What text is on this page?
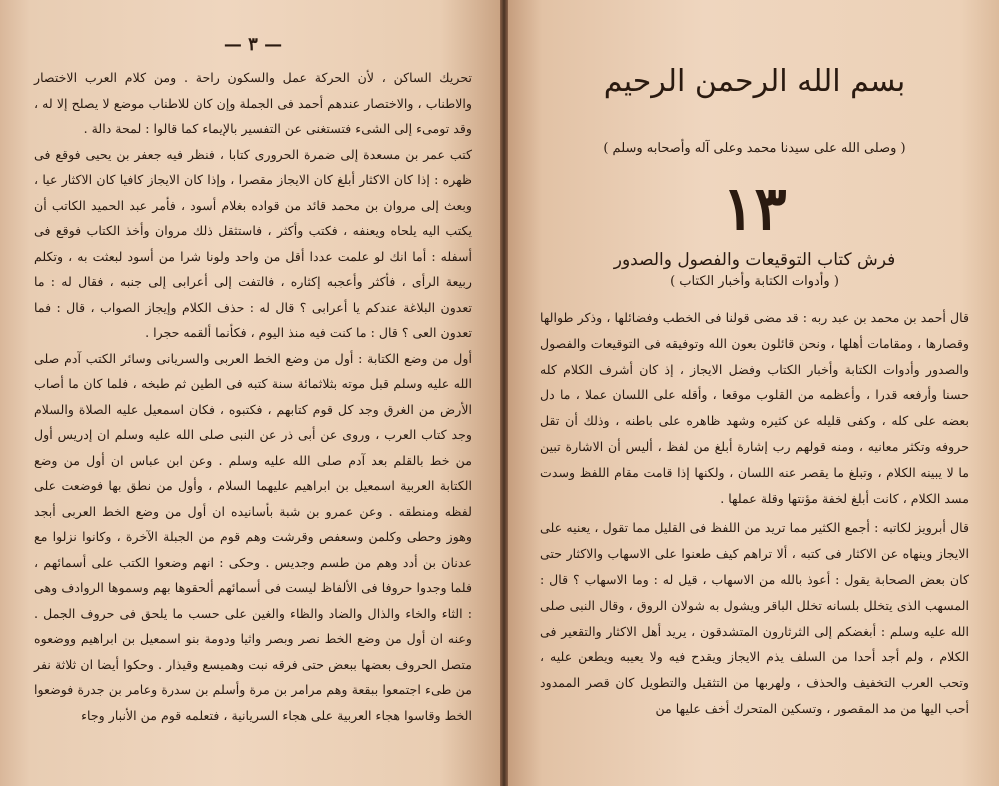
— ٣ —

تحريك الساكن ، لأن الحركة عمل والسكون راحة . ومن كلام العرب الاختصار والاطناب ، والاختصار عندهم أحمد فى الجملة وإن كان للاطناب موضع لا يصلح إلا له ، وقد تومىء إلى الشىء فتستغنى عن التفسير بالإيماء كما قالوا : لمحة دالة .

كتب عمر بن مسعدة إلى ضمرة الحرورى كتابا ، فنظر فيه جعفر بن يحيى فوقع فى ظهره : إذا كان الاكثار أبلغ كان الايجاز مقصرا ، وإذا كان الايجاز كافيا كان الاكثار عيا ، وبعث إلى مروان بن محمد قائد من قواده بغلام أسود ، فأمر عبد الحميد الكاتب أن يكتب اليه يلحاه ويعنفه ، فكتب وأكثر ، فاستثقل ذلك مروان وأخذ الكتاب فوقع فى أسفله : أما انك لو علمت عددا أقل من واحد ولونا شرا من أسود لبعثت به ، وتكلم ربيعة الرأى ، فأكثر وأعجبه إكثاره ، فالتفت إلى أعرابى إلى جنبه ، فقال له : ما تعدون البلاغة عندكم يا أعرابى ؟ قال له : حذف الكلام وإيجاز الصواب ، قال : فما تعدون العى ؟ قال : ما كنت فيه منذ اليوم ، فكأنما ألقمه حجرا .

أول من وضع الكتابة : أول من وضع الخط العربى والسريانى وسائر الكتب آدم صلى الله عليه وسلم قبل موته بثلاثمائة سنة كتبه فى الطين ثم طبخه ، فلما كان ما أصاب الأرض من الغرق وجد كل قوم كتابهم ، فكتبوه ، فكان اسمعيل عليه الصلاة والسلام وجد كتاب العرب ، وروى عن أبى ذر عن النبى صلى الله عليه وسلم ان إدريس أول من خط بالقلم بعد آدم صلى الله عليه وسلم . وعن ابن عباس ان أول من وضع الكتابة العربية اسمعيل بن ابراهيم عليهما السلام ، وأول من نطق بها فوضعت على لفظه ومنطقه . وعن عمرو بن شبة بأسانيده ان أول من وضع الخط العربى أبجد وهوز وحطى وكلمن وسعفص وقرشت وهم قوم من الجبلة الآخرة ، وكانوا نزلوا مع عدنان بن أدد وهم من طسم وجديس . وحكى : انهم وضعوا الكتب على أسمائهم ، فلما وجدوا حروفا فى الألفاظ ليست فى أسمائهم ألحقوها بهم وسموها الروادف وهى : الثاء والخاء والذال والضاد والظاء والغين على حسب ما يلحق فى حروف الجمل . وعنه ان أول من وضع الخط نصر وبصر واثيا ودومة بنو اسمعيل بن ابراهيم ووضعوه متصل الحروف بعضها ببعض حتى فرقه نبت وهميسع وقيذار . وحكوا أيضا ان ثلاثة نفر من طىء اجتمعوا ببقعة وهم مرامر بن مرة وأسلم بن سدرة وعامر بن جدرة فوضعوا الخط وقاسوا هجاء العربية على هجاء السريانية ، فتعلمه قوم من الأنبار وجاء

بسم الله الرحمن الرحيم
( وصلى الله على سيدنا محمد وعلى آله وأصحابه وسلم )
١٣
فرش كتاب التوقيعات والفصول والصدور
( وأدوات الكتابة وأخبار الكتاب )

قال أحمد بن محمد بن عبد ربه : قد مضى قولنا فى الخطب وفضائلها ، وذكر طوالها وقصارها ، ومقامات أهلها ، ونحن قائلون بعون الله وتوفيقه فى التوقيعات والفصول والصدور وأدوات الكتابة وأخبار الكتاب وفضل الايجاز ، إذ كان أشرف الكلام كله حسنا وأرفعه قدرا ، وأعظمه من القلوب موقعا ، وأقله على اللسان عملا ، ما دل بعضه على كله ، وكفى قليله عن كثيره وشهد ظاهره على باطنه ، وذلك أن تقل حروفه وتكثر معانيه ، ومنه قولهم رب إشارة أبلغ من لفظ ، أليس أن الاشارة تبين ما لا يبينه الكلام ، وتبلغ ما يقصر عنه اللسان ، ولكنها إذا قامت مقام اللفظ وسدت مسد الكلام ، كانت أبلغ لخفة مؤنتها وقلة عملها .

قال أبرويز لكاتبه : أجمع الكثير مما تريد من اللفظ فى القليل مما تقول ، يعنيه على الايجاز وينهاه عن الاكثار فى كتبه ، ألا تراهم كيف طعنوا على الاسهاب والاكثار حتى كان بعض الصحابة يقول : أعوذ بالله من الاسهاب ، قيل له : وما الاسهاب ؟ قال : المسهب الذى يتخلل بلسانه تخلل الباقر ويشول به شولان الروق ، وقال النبى صلى الله عليه وسلم : أبغضكم إلى الثرثارون المتشدقون ، يريد أهل الاكثار والتقعير فى الكلام ، ولم أجد أحدا من السلف يذم الايجاز ويقدح فيه ولا يعيبه ويطعن عليه ، وتحب العرب التخفيف والحذف ، ولهربها من التثقيل والتطويل كان قصر الممدود أحب اليها من مد المقصور ، وتسكين المتحرك أخف عليها من
